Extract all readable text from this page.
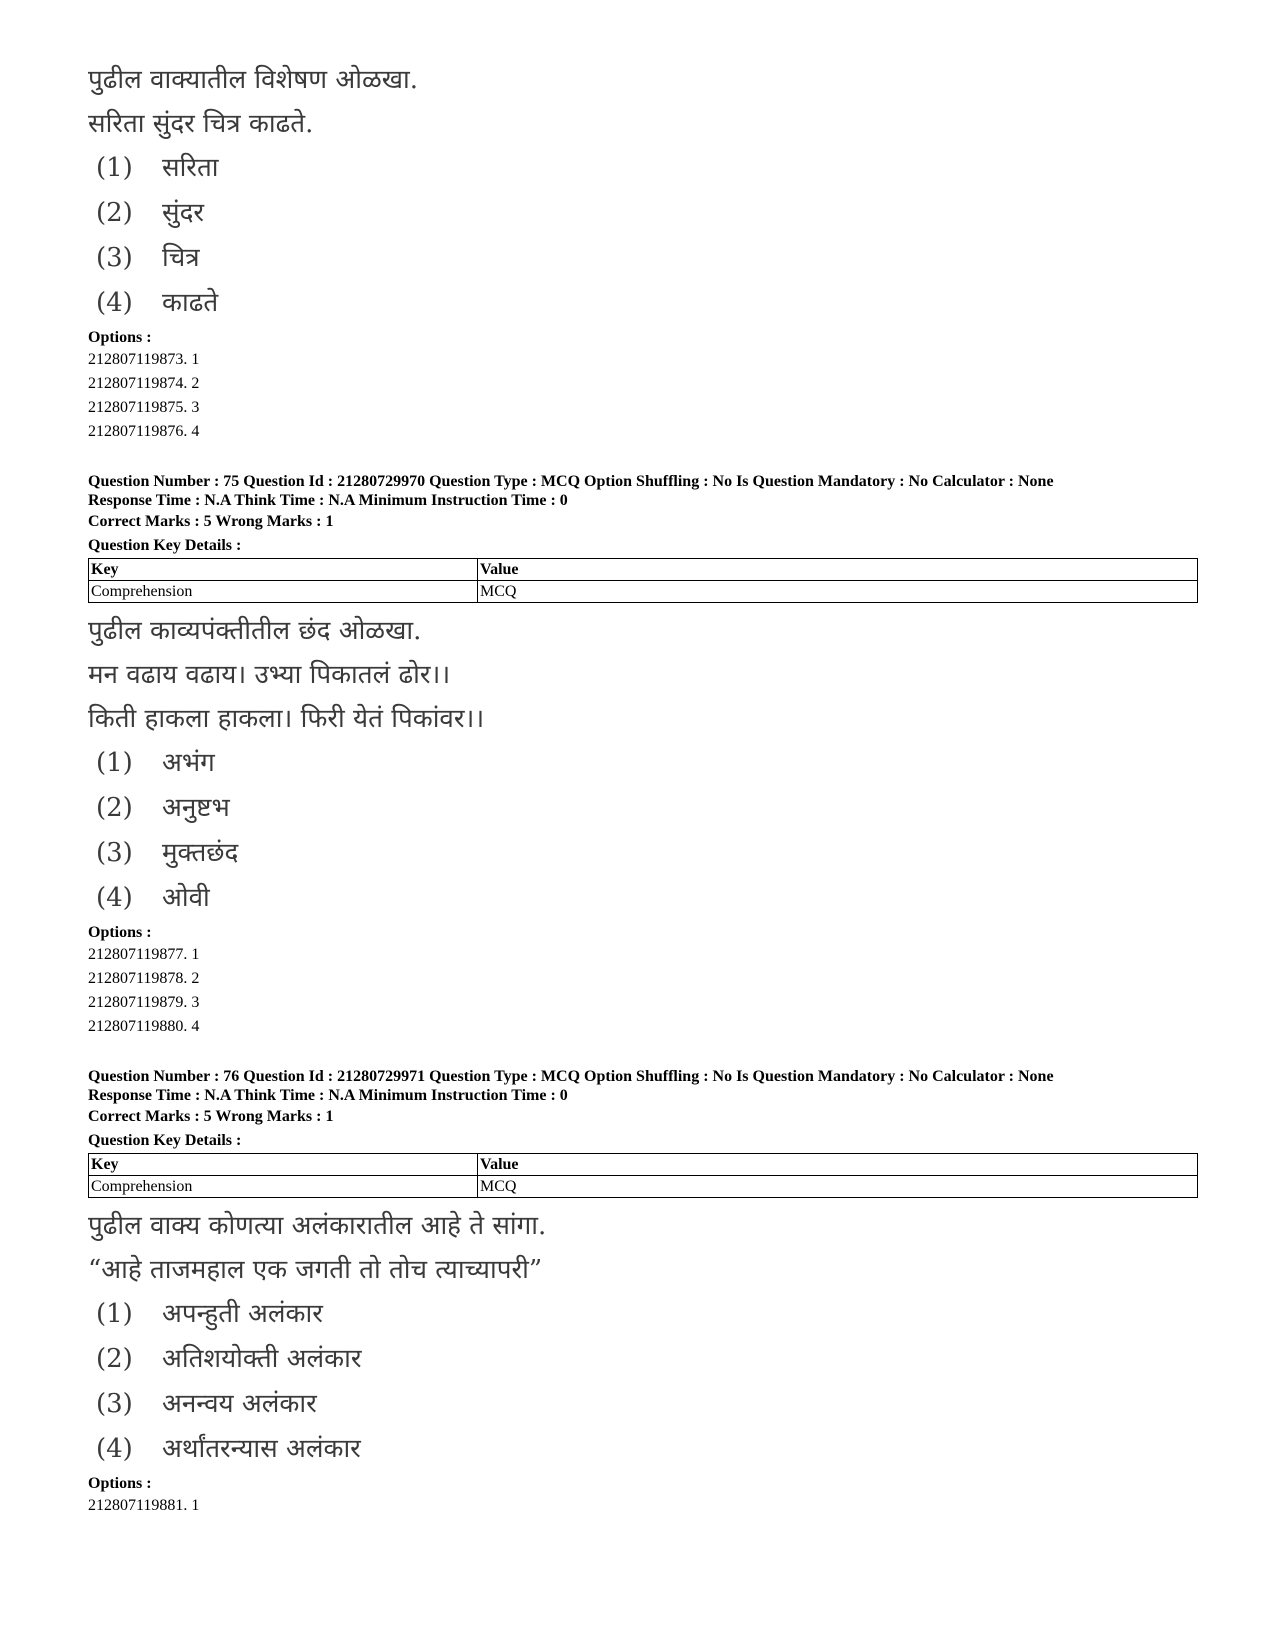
पुढील वाक्यातील विशेषण ओळखा.
सरिता सुंदर चित्र काढते.
(1) सरिता
(2) सुंदर
(3) चित्र
(4) काढते
Options :
212807119873. 1
212807119874. 2
212807119875. 3
212807119876. 4
Question Number : 75 Question Id : 21280729970 Question Type : MCQ Option Shuffling : No Is Question Mandatory : No Calculator : None
Response Time : N.A Think Time : N.A Minimum Instruction Time : 0
Correct Marks : 5 Wrong Marks : 1
Question Key Details :
Key	Value
Comprehension	MCQ
पुढील काव्यपंक्तीतील छंद ओळखा.
मन वढाय वढाय। उभ्या पिकातलं ढोर।।
किती हाकला हाकला। फिरी येतं पिकांवर।।
(1) अभंग
(2) अनुष्टभ
(3) मुक्तछंद
(4) ओवी
Options :
212807119877. 1
212807119878. 2
212807119879. 3
212807119880. 4
Question Number : 76 Question Id : 21280729971 Question Type : MCQ Option Shuffling : No Is Question Mandatory : No Calculator : None
Response Time : N.A Think Time : N.A Minimum Instruction Time : 0
Correct Marks : 5 Wrong Marks : 1
Question Key Details :
Key	Value
Comprehension	MCQ
पुढील वाक्य कोणत्या अलंकारातील आहे ते सांगा.
“आहे ताजमहाल एक जगती तो तोच त्याच्यापरी”
(1) अपन्हुती अलंकार
(2) अतिशयोक्ती अलंकार
(3) अनन्वय अलंकार
(4) अर्थांतरन्यास अलंकार
Options :
212807119881. 1
